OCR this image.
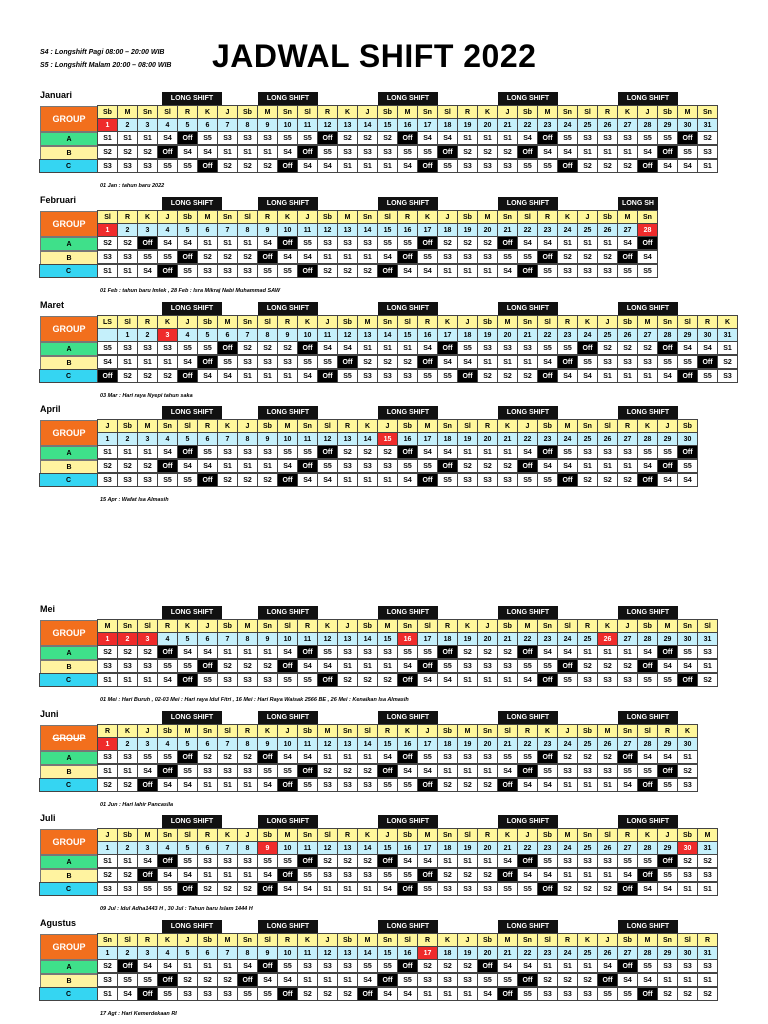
S4 : Longshift Pagi 08:00 – 20:00 WIB
S5 : Longshift Malam 20:00 – 08:00 WIB JADWAL SHIFT 2022
Januari	LONG SHIFT	LONG SHIFT	LONG SHIFT	LONG SHIFT	LONG SHIFT
GROUP
Sb	M	Sn	Sl	R	K	J	Sb	M	Sn	Sl	R	K	J	Sb	M	Sn	Sl	R	K	J	Sb	M	Sn	Sl	R	K	J	Sb	M	Sn
1	2	3	4	5	6	7	8	9	10	11	12	13	14	15	16	17	18	19	20	21	22	23	24	25	26	27	28	29	30	31
A	S1	S1	S1	S4	Off	S5	S3	S3	S3	S5	S5	Off	S2	S2	S2	Off	S4	S4	S1	S1	S1	S4	Off	S5	S3	S3	S3	S5	S5	Off	S2
B	S2	S2	S2	Off	S4	S4	S1	S1	S1	S4	Off	S5	S3	S3	S3	S5	S5	Off	S2	S2	S2	Off	S4	S4	S1	S1	S1	S4	Off	S5	S3
C	S3	S3	S3	S5	S5	Off	S2	S2	S2	Off	S4	S4	S1	S1	S1	S4	Off	S5	S3	S3	S3	S5	S5	Off	S2	S2	S2	Off	S4	S4	S1
01 Jan : tahun baru 2022
Februari	LONG SHIFT	LONG SHIFT	LONG SHIFT	LONG SHIFT	LONG SH
GROUP
Sl	R	K	J	Sb	M	Sn	Sl	R	K	J	Sb	M	Sn	Sl	R	K	J	Sb	M	Sn	Sl	R	K	J	Sb	M	Sn
1	2	3	4	5	6	7	8	9	10	11	12	13	14	15	16	17	18	19	20	21	22	23	24	25	26	27	28
A	S2	S2	Off	S4	S4	S1	S1	S1	S4	Off	S5	S3	S3	S3	S5	S5	Off	S2	S2	S2	Off	S4	S4	S1	S1	S1	S4	Off
B	S3	S3	S5	S5	Off	S2	S2	S2	Off	S4	S4	S1	S1	S1	S4	Off	S5	S3	S3	S3	S5	S5	Off	S2	S2	S2	Off	S4
C	S1	S1	S4	Off	S5	S3	S3	S3	S5	S5	Off	S2	S2	S2	Off	S4	S4	S1	S1	S1	S4	Off	S5	S3	S3	S3	S5	S5
01 Feb : tahun baru Imlek , 28 Feb : Isra Mikraj Nabi Muhammad SAW
Maret	LONG SHIFT	LONG SHIFT	LONG SHIFT	LONG SHIFT	LONG SHIFT
GROUP
LS	Sl	R	K	J	Sb	M	Sn	Sl	R	K	J	Sb	M	Sn	Sl	R	K	J	Sb	M	Sn	Sl	R	K	J	Sb	M	Sn	Sl	R	K
1	2	3	4	5	6	7	8	9	10	11	12	13	14	15	16	17	18	19	20	21	22	23	24	25	26	27	28	29	30	31
A	S5	S3	S3	S3	S5	S5	Off	S2	S2	S2	Off	S4	S4	S1	S1	S1	S4	Off	S5	S3	S3	S3	S5	S5	Off	S2	S2	S2	Off	S4	S4	S1
B	S4	S1	S1	S1	S4	Off	S5	S3	S3	S3	S5	S5	Off	S2	S2	S2	Off	S4	S4	S1	S1	S1	S4	Off	S5	S3	S3	S3	S5	S5	Off	S2
C	Off	S2	S2	S2	Off	S4	S4	S1	S1	S1	S4	Off	S5	S3	S3	S3	S5	S5	Off	S2	S2	S2	Off	S4	S4	S1	S1	S1	S4	Off	S5	S3
03 Mar : Hari raya Nyepi tahun saka
April	LONG SHIFT	LONG SHIFT	LONG SHIFT	LONG SHIFT	LONG SHIFT
GROUP
J	Sb	M	Sn	Sl	R	K	J	Sb	M	Sn	Sl	R	K	J	Sb	M	Sn	Sl	R	K	J	Sb	M	Sn	Sl	R	K	J	Sb
1	2	3	4	5	6	7	8	9	10	11	12	13	14	15	16	17	18	19	20	21	22	23	24	25	26	27	28	29	30
A	S1	S1	S1	S4	Off	S5	S3	S3	S3	S5	S5	Off	S2	S2	S2	Off	S4	S4	S1	S1	S1	S4	Off	S5	S3	S3	S3	S5	S5	Off
B	S2	S2	S2	Off	S4	S4	S1	S1	S1	S4	Off	S5	S3	S3	S3	S5	S5	Off	S2	S2	S2	Off	S4	S4	S1	S1	S1	S4	Off	S5
C	S3	S3	S3	S5	S5	Off	S2	S2	S2	Off	S4	S4	S1	S1	S1	S4	Off	S5	S3	S3	S3	S5	S5	Off	S2	S2	S2	Off	S4	S4
15 Apr : Wafat Isa Almasih
Mei	LONG SHIFT	LONG SHIFT	LONG SHIFT	LONG SHIFT	LONG SHIFT
GROUP
M	Sn	Sl	R	K	J	Sb	M	Sn	Sl	R	K	J	Sb	M	Sn	Sl	R	K	J	Sb	M	Sn	Sl	R	K	J	Sb	M	Sn	Sl
1	2	3	4	5	6	7	8	9	10	11	12	13	14	15	16	17	18	19	20	21	22	23	24	25	26	27	28	29	30	31
A	S2	S2	S2	Off	S4	S4	S1	S1	S1	S4	Off	S5	S3	S3	S3	S5	S5	Off	S2	S2	S2	Off	S4	S4	S1	S1	S1	S4	Off	S5	S3
B	S3	S3	S3	S5	S5	Off	S2	S2	S2	Off	S4	S4	S1	S1	S1	S4	Off	S5	S3	S3	S3	S5	S5	Off	S2	S2	S2	Off	S4	S4	S1
C	S1	S1	S1	S4	Off	S5	S3	S3	S3	S5	S5	Off	S2	S2	S2	Off	S4	S4	S1	S1	S1	S4	Off	S5	S3	S3	S3	S5	S5	Off	S2
01 Mei : Hari Buruh , 02-03 Mei : Hari raya Idul Fitri , 16 Mei : Hari Raya Waisak 2566 BE , 26 Mei : Kenaikan Isa Almasih
Juni	LONG SHIFT	LONG SHIFT	LONG SHIFT	LONG SHIFT	LONG SHIFT
GROUP
R	K	J	Sb	M	Sn	Sl	R	K	J	Sb	M	Sn	Sl	R	K	J	Sb	M	Sn	Sl	R	K	J	Sb	M	Sn	Sl	R	K
1	2	3	4	5	6	7	8	9	10	11	12	13	14	15	16	17	18	19	20	21	22	23	24	25	26	27	28	29	30
A	S3	S3	S5	S5	Off	S2	S2	S2	Off	S4	S4	S1	S1	S1	S4	Off	S5	S3	S3	S3	S5	S5	Off	S2	S2	S2	Off	S4	S4	S1
B	S1	S1	S4	Off	S5	S3	S3	S3	S5	S5	Off	S2	S2	S2	Off	S4	S4	S1	S1	S1	S4	Off	S5	S3	S3	S3	S5	S5	Off	S2
C	S2	S2	Off	S4	S4	S1	S1	S1	S4	Off	S5	S3	S3	S3	S5	S5	Off	S2	S2	S2	Off	S4	S4	S1	S1	S1	S4	Off	S5	S3
01 Jun : Hari lahir Pancasila
Juli	LONG SHIFT	LONG SHIFT	LONG SHIFT	LONG SHIFT	LONG SHIFT
GROUP
J	Sb	M	Sn	Sl	R	K	J	Sb	M	Sn	Sl	R	K	J	Sb	M	Sn	Sl	R	K	J	Sb	M	Sn	Sl	R	K	J	Sb	M
1	2	3	4	5	6	7	8	9	10	11	12	13	14	15	16	17	18	19	20	21	22	23	24	25	26	27	28	29	30	31
A	S1	S1	S4	Off	S5	S3	S3	S3	S5	S5	Off	S2	S2	S2	Off	S4	S4	S1	S1	S1	S4	Off	S5	S3	S3	S3	S5	S5	Off	S2	S2
B	S2	S2	Off	S4	S4	S1	S1	S1	S4	Off	S5	S3	S3	S3	S5	S5	Off	S2	S2	S2	Off	S4	S4	S1	S1	S1	S4	Off	S5	S3	S3
C	S3	S3	S5	S5	Off	S2	S2	S2	Off	S4	S4	S1	S1	S1	S4	Off	S5	S3	S3	S3	S5	S5	Off	S2	S2	S2	Off	S4	S4	S1	S1
09 Jul : Idul Adha1443 H , 30 Jul : Tahun baru Islam 1444 H
Agustus	LONG SHIFT	LONG SHIFT	LONG SHIFT	LONG SHIFT	LONG SHIFT
GROUP
Sn	Sl	R	K	J	Sb	M	Sn	Sl	R	K	J	Sb	M	Sn	Sl	R	K	J	Sb	M	Sn	Sl	R	K	J	Sb	M	Sn	Sl	R
1	2	3	4	5	6	7	8	9	10	11	12	13	14	15	16	17	18	19	20	21	22	23	24	25	26	27	28	29	30	31
A	S2	Off	S4	S4	S1	S1	S1	S4	Off	S5	S3	S3	S3	S5	S5	Off	S2	S2	S2	Off	S4	S4	S1	S1	S1	S4	Off	S5	S3	S3	S3
B	S3	S5	S5	Off	S2	S2	S2	Off	S4	S4	S1	S1	S1	S4	Off	S5	S3	S3	S3	S5	S5	Off	S2	S2	S2	Off	S4	S4	S1	S1	S1
C	S1	S4	Off	S5	S3	S3	S3	S5	S5	Off	S2	S2	S2	Off	S4	S4	S1	S1	S1	S4	Off	S5	S3	S3	S3	S5	S5	Off	S2	S2	S2
17 Agt : Hari Kemerdekaan RI
